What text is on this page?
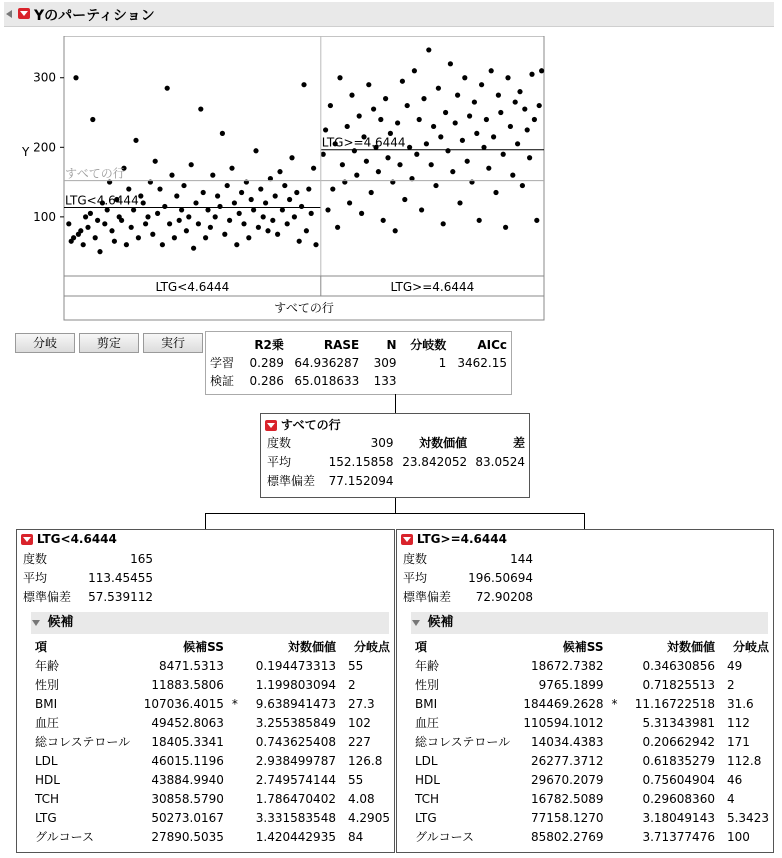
Yのパーティション
Y
100
200
300
LTG<4.6444
LTG>=4.6444
すべての行
LTG<4.6444	LTG>=4.6444
すべての行
分岐	剪定	実行
		R2乗	RASE	N	分岐数	AICc
学習	0.289	64.936287	309	1	3462.15
検証	0.286	65.018633	133		
すべての行
度数	309	対数価値	差
平均	152.15858	23.842052	83.0524
標準偏差	77.152094		
LTG<4.6444
度数	165
平均	113.45455
標準偏差	57.539112
候補
項	候補SS		対数価値	分岐点
年齢	8471.5313		0.194473313	55
性別	11883.5806		1.199803094	2
BMI	107036.4015	*	9.638941473	27.3
血圧	49452.8063		3.255385849	102
総コレステロール	18405.3341		0.743625408	227
LDL	46015.1196		2.938499787	126.8
HDL	43884.9940		2.749574144	55
TCH	30858.5790		1.786470402	4.08
LTG	50273.0167		3.331583548	4.2905
グルコース	27890.5035		1.420442935	84
LTG>=4.6444
度数	144
平均	196.50694
標準偏差	72.90208
候補
項	候補SS		対数価値	分岐点
年齢	18672.7382		0.34630856	49
性別	9765.1899		0.71825513	2
BMI	184469.2628	*	11.16722518	31.6
血圧	110594.1012		5.31343981	112
総コレステロール	14034.4383		0.20662942	171
LDL	26277.3712		0.61835279	112.8
HDL	29670.2079		0.75604904	46
TCH	16782.5089		0.29608360	4
LTG	77158.1270		3.18049143	5.3423
グルコース	85802.2769		3.71377476	100
